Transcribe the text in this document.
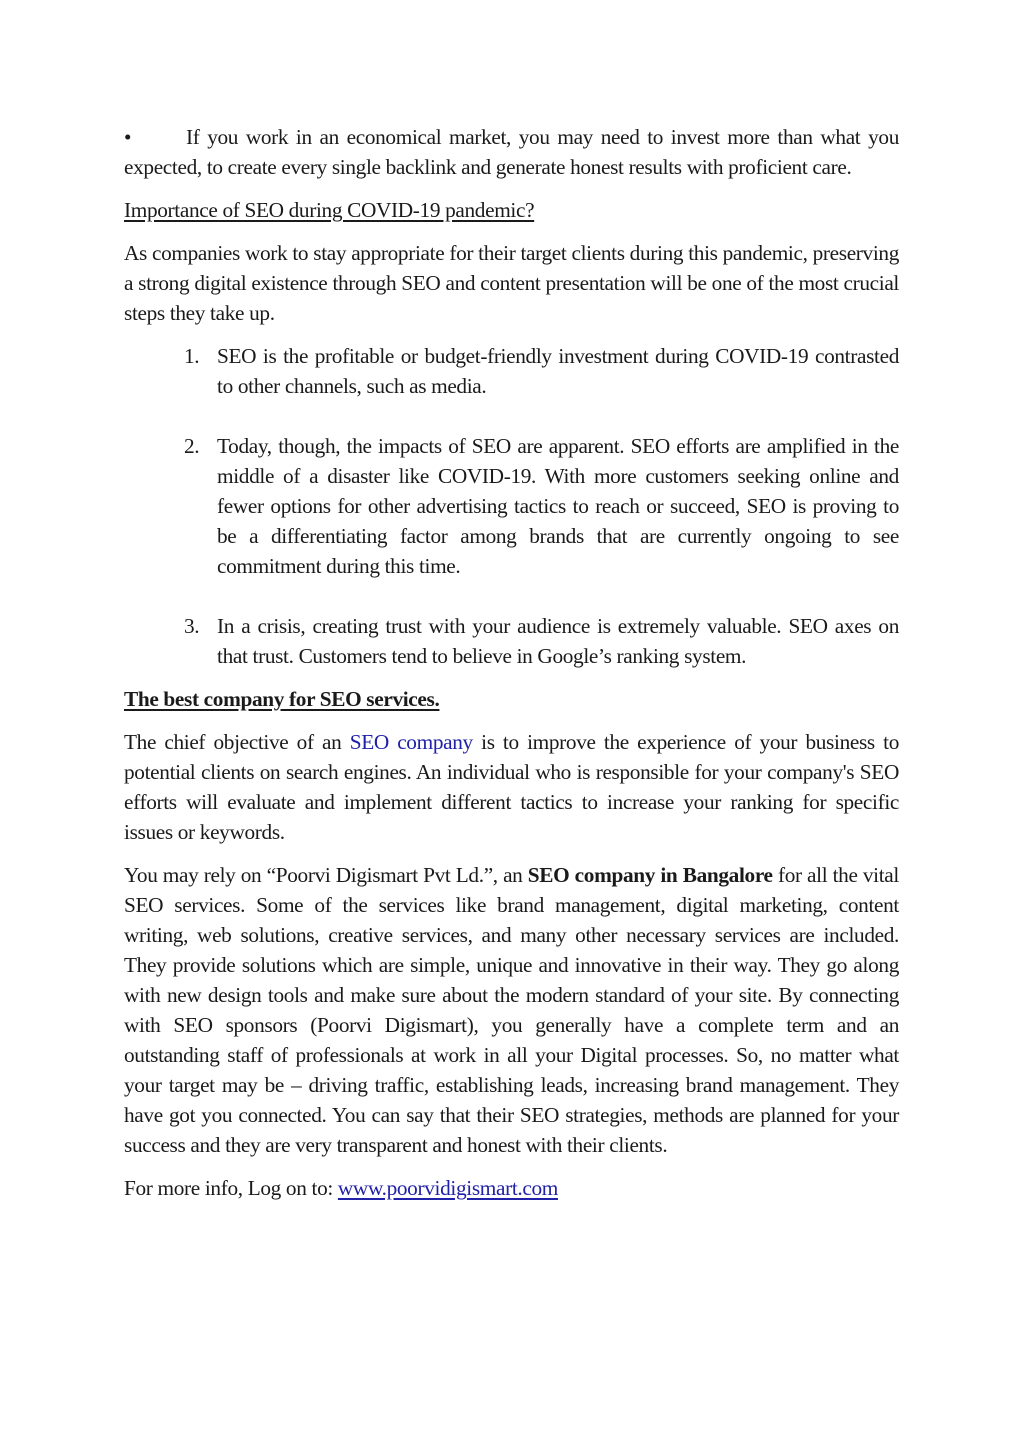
•	If you work in an economical market, you may need to invest more than what you expected, to create every single backlink and generate honest results with proficient care.

Importance of SEO during COVID-19 pandemic?

As companies work to stay appropriate for their target clients during this pandemic, preserving a strong digital existence through SEO and content presentation will be one of the most crucial steps they take up.

1. SEO is the profitable or budget-friendly investment during COVID-19 contrasted to other channels, such as media.
2. Today, though, the impacts of SEO are apparent. SEO efforts are amplified in the middle of a disaster like COVID-19. With more customers seeking online and fewer options for other advertising tactics to reach or succeed, SEO is proving to be a differentiating factor among brands that are currently ongoing to see commitment during this time.
3. In a crisis, creating trust with your audience is extremely valuable. SEO axes on that trust. Customers tend to believe in Google’s ranking system.

The best company for SEO services.

The chief objective of an SEO company is to improve the experience of your business to potential clients on search engines. An individual who is responsible for your company's SEO efforts will evaluate and implement different tactics to increase your ranking for specific issues or keywords.

You may rely on “Poorvi Digismart Pvt Ld.”, an SEO company in Bangalore for all the vital SEO services. Some of the services like brand management, digital marketing, content writing, web solutions, creative services, and many other necessary services are included. They provide solutions which are simple, unique and innovative in their way. They go along with new design tools and make sure about the modern standard of your site. By connecting with SEO sponsors (Poorvi Digismart), you generally have a complete term and an outstanding staff of professionals at work in all your Digital processes. So, no matter what your target may be – driving traffic, establishing leads, increasing brand management. They have got you connected. You can say that their SEO strategies, methods are planned for your success and they are very transparent and honest with their clients.

For more info, Log on to: www.poorvidigismart.com
